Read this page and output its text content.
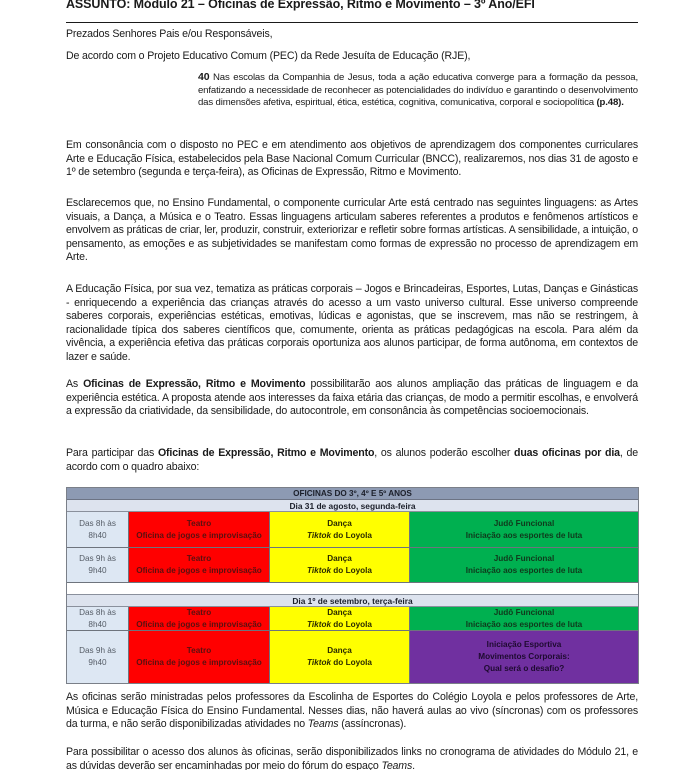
ASSUNTO: Módulo 21 – Oficinas de Expressão, Ritmo e Movimento – 3º Ano/EFI
Prezados Senhores Pais e/ou Responsáveis,
De acordo com o Projeto Educativo Comum (PEC) da Rede Jesuíta de Educação (RJE),
40 Nas escolas da Companhia de Jesus, toda a ação educativa converge para a formação da pessoa, enfatizando a necessidade de reconhecer as potencialidades do indivíduo e garantindo o desenvolvimento das dimensões afetiva, espiritual, ética, estética, cognitiva, comunicativa, corporal e sociopolítica (p.48).
Em consonância com o disposto no PEC e em atendimento aos objetivos de aprendizagem dos componentes curriculares Arte e Educação Física, estabelecidos pela Base Nacional Comum Curricular (BNCC), realizaremos, nos dias 31 de agosto e 1º de setembro (segunda e terça-feira), as Oficinas de Expressão, Ritmo e Movimento.
Esclarecemos que, no Ensino Fundamental, o componente curricular Arte está centrado nas seguintes linguagens: as Artes visuais, a Dança, a Música e o Teatro. Essas linguagens articulam saberes referentes a produtos e fenômenos artísticos e envolvem as práticas de criar, ler, produzir, construir, exteriorizar e refletir sobre formas artísticas. A sensibilidade, a intuição, o pensamento, as emoções e as subjetividades se manifestam como formas de expressão no processo de aprendizagem em Arte.
A Educação Física, por sua vez, tematiza as práticas corporais – Jogos e Brincadeiras, Esportes, Lutas, Danças e Ginásticas - enriquecendo a experiência das crianças através do acesso a um vasto universo cultural. Esse universo compreende saberes corporais, experiências estéticas, emotivas, lúdicas e agonistas, que se inscrevem, mas não se restringem, à racionalidade típica dos saberes científicos que, comumente, orienta as práticas pedagógicas na escola. Para além da vivência, a experiência efetiva das práticas corporais oportuniza aos alunos participar, de forma autônoma, em contextos de lazer e saúde.
As Oficinas de Expressão, Ritmo e Movimento possibilitarão aos alunos ampliação das práticas de linguagem e da experiência estética. A proposta atende aos interesses da faixa etária das crianças, de modo a permitir escolhas, e envolverá a expressão da criatividade, da sensibilidade, do autocontrole, em consonância às competências socioemocionais.
Para participar das Oficinas de Expressão, Ritmo e Movimento, os alunos poderão escolher duas oficinas por dia, de acordo com o quadro abaixo:
OFICINAS DO 3º, 4º E 5º ANOS
Dia 31 de agosto, segunda-feira
Das 8h às
8h40
Teatro
Oficina de jogos e improvisação
Dança
Tiktok do Loyola
Judô Funcional
Iniciação aos esportes de luta
Das 9h às
9h40
Teatro
Oficina de jogos e improvisação
Dança
Tiktok do Loyola
Judô Funcional
Iniciação aos esportes de luta
Dia 1º de setembro, terça-feira
Das 8h às
8h40
Teatro
Oficina de jogos e improvisação
Dança
Tiktok do Loyola
Judô Funcional
Iniciação aos esportes de luta
Das 9h às
9h40
Teatro
Oficina de jogos e improvisação
Dança
Tiktok do Loyola
Iniciação Esportiva
Movimentos Corporais:
Qual será o desafio?
As oficinas serão ministradas pelos professores da Escolinha de Esportes do Colégio Loyola e pelos professores de Arte, Música e Educação Física do Ensino Fundamental. Nesses dias, não haverá aulas ao vivo (síncronas) com os professores da turma, e não serão disponibilizadas atividades no Teams (assíncronas).
Para possibilitar o acesso dos alunos às oficinas, serão disponibilizados links no cronograma de atividades do Módulo 21, e as dúvidas deverão ser encaminhadas por meio do fórum do espaço Teams.
